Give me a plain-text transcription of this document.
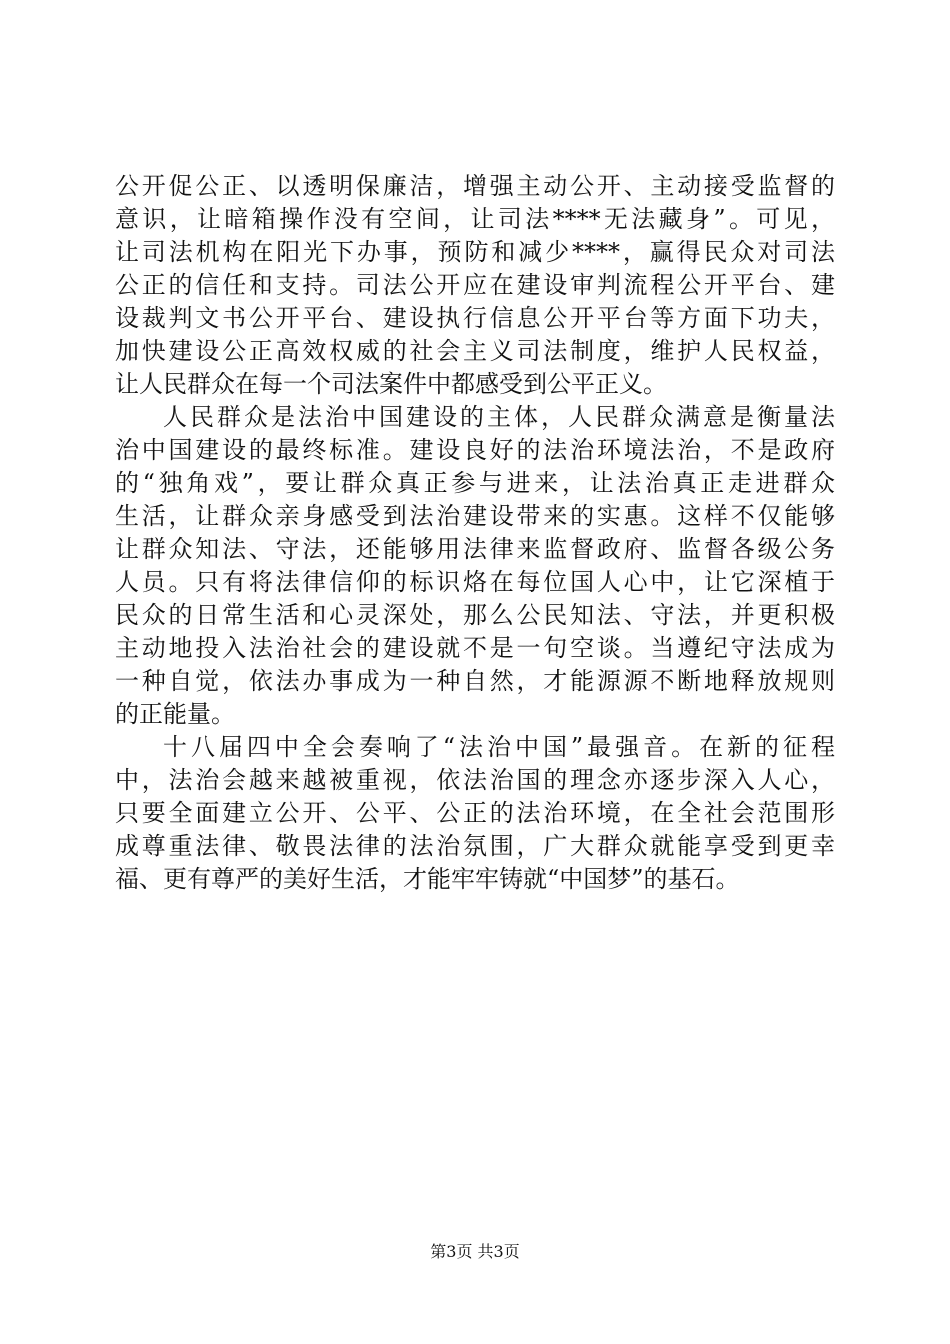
公开促公正、以透明保廉洁，增强主动公开、主动接受监督的
意识，让暗箱操作没有空间，让司法****无法藏身”。可见，
让司法机构在阳光下办事，预防和减少****，赢得民众对司法
公正的信任和支持。司法公开应在建设审判流程公开平台、建
设裁判文书公开平台、建设执行信息公开平台等方面下功夫，
加快建设公正高效权威的社会主义司法制度，维护人民权益，
让人民群众在每一个司法案件中都感受到公平正义。
人民群众是法治中国建设的主体，人民群众满意是衡量法
治中国建设的最终标准。建设良好的法治环境法治，不是政府
的“独角戏”，要让群众真正参与进来，让法治真正走进群众
生活，让群众亲身感受到法治建设带来的实惠。这样不仅能够
让群众知法、守法，还能够用法律来监督政府、监督各级公务
人员。只有将法律信仰的标识烙在每位国人心中，让它深植于
民众的日常生活和心灵深处，那么公民知法、守法，并更积极
主动地投入法治社会的建设就不是一句空谈。当遵纪守法成为
一种自觉，依法办事成为一种自然，才能源源不断地释放规则
的正能量。
十八届四中全会奏响了“法治中国”最强音。在新的征程
中，法治会越来越被重视，依法治国的理念亦逐步深入人心，
只要全面建立公开、公平、公正的法治环境，在全社会范围形
成尊重法律、敬畏法律的法治氛围，广大群众就能享受到更幸
福、更有尊严的美好生活，才能牢牢铸就“中国梦”的基石。
第3页 共3页
